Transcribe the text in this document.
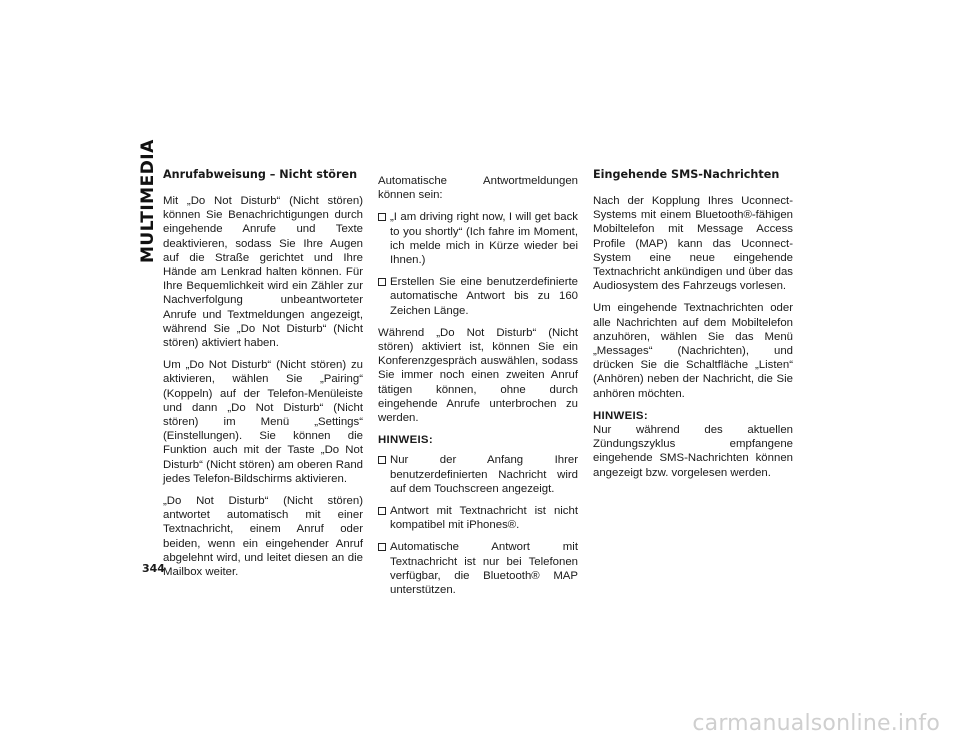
MULTIMEDIA Anrufabweisung – Nicht stören

Mit „Do Not Disturb“ (Nicht stören) können Sie Benachrichtigungen durch eingehende Anrufe und Texte deaktivieren, sodass Sie Ihre Augen auf die Straße gerichtet und Ihre Hände am Lenkrad halten können. Für Ihre Bequemlichkeit wird ein Zähler zur Nachverfolgung unbeantworteter Anrufe und Textmeldungen angezeigt, während Sie „Do Not Disturb“ (Nicht stören) aktiviert haben.

Um „Do Not Disturb“ (Nicht stören) zu aktivieren, wählen Sie „Pairing“ (Koppeln) auf der Telefon-Menüleiste und dann „Do Not Disturb“ (Nicht stören) im Menü „Settings“ (Einstellungen). Sie können die Funktion auch mit der Taste „Do Not Disturb“ (Nicht stören) am oberen Rand jedes Telefon-Bildschirms aktivieren.

„Do Not Disturb“ (Nicht stören) antwortet automatisch mit einer Textnachricht, einem Anruf oder beiden, wenn ein eingehender Anruf abgelehnt wird, und leitet diesen an die Mailbox weiter.

Automatische Antwortmeldungen können sein:

„I am driving right now, I will get back to you shortly“ (Ich fahre im Moment, ich melde mich in Kürze wieder bei Ihnen.)
Erstellen Sie eine benutzerdefinierte automatische Antwort bis zu 160 Zeichen Länge.

Während „Do Not Disturb“ (Nicht stören) aktiviert ist, können Sie ein Konferenzgespräch auswählen, sodass Sie immer noch einen zweiten Anruf tätigen können, ohne durch eingehende Anrufe unterbrochen zu werden.

HINWEIS:

Nur der Anfang Ihrer benutzerdefinierten Nachricht wird auf dem Touchscreen angezeigt.
Antwort mit Textnachricht ist nicht kompatibel mit iPhones®.
Automatische Antwort mit Textnachricht ist nur bei Telefonen verfügbar, die Bluetooth® MAP unterstützen.
Eingehende SMS-Nachrichten

Nach der Kopplung Ihres Uconnect-Systems mit einem Bluetooth®-fähigen Mobiltelefon mit Message Access Profile (MAP) kann das Uconnect-System eine neue eingehende Textnachricht ankündigen und über das Audiosystem des Fahrzeugs vorlesen.

Um eingehende Textnachrichten oder alle Nachrichten auf dem Mobiltelefon anzuhören, wählen Sie das Menü „Messages“ (Nachrichten), und drücken Sie die Schaltfläche „Listen“ (Anhören) neben der Nachricht, die Sie anhören möchten.

HINWEIS:

Nur während des aktuellen Zündungszyklus empfangene eingehende SMS-Nachrichten können angezeigt bzw. vorgelesen werden.

344
carmanualsonline.info
